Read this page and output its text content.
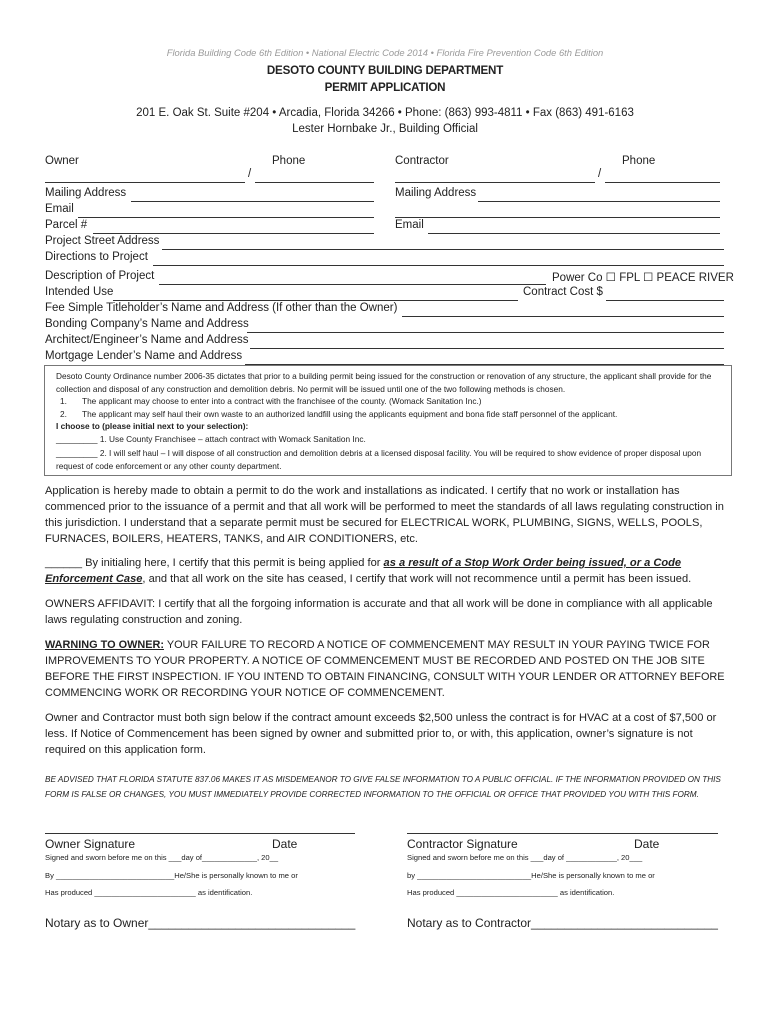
Florida Building Code 6th Edition • National Electric Code 2014 • Florida Fire Prevention Code 6th Edition
DESOTO COUNTY BUILDING DEPARTMENT
PERMIT APPLICATION
201 E. Oak St. Suite #204 • Arcadia, Florida 34266 • Phone: (863) 993-4811 • Fax (863) 491-6163
Lester Hornbake Jr., Building Official
Owner	Phone	Contractor	Phone
/	/
Mailing Address	Mailing Address
Email
Parcel #	Email
Project Street Address
Directions to Project
Description of Project	Power Co ☐ FPL ☐ PEACE RIVER
Intended Use	Contract Cost $
Fee Simple Titleholder’s Name and Address (If other than the Owner)
Bonding Company’s Name and Address
Architect/Engineer’s Name and Address
Mortgage Lender’s Name and Address
Desoto County Ordinance number 2006-35 dictates that prior to a building permit being issued for the construction or renovation of any structure, the applicant shall provide for the collection and disposal of any construction and demolition debris. No permit will be issued until one of the two following methods is chosen.
1. The applicant may choose to enter into a contract with the franchisee of the county. (Womack Sanitation Inc.)
2. The applicant may self haul their own waste to an authorized landfill using the applicants equipment and bona fide staff personnel of the applicant.
I choose to (please initial next to your selection):
_________ 1. Use County Franchisee – attach contract with Womack Sanitation Inc.
_________ 2. I will self haul – I will dispose of all construction and demolition debris at a licensed disposal facility. You will be required to show evidence of proper disposal upon request of code enforcement or any other county department.
Application is hereby made to obtain a permit to do the work and installations as indicated. I certify that no work or installation has commenced prior to the issuance of a permit and that all work will be performed to meet the standards of all laws regulating construction in this jurisdiction. I understand that a separate permit must be secured for ELECTRICAL WORK, PLUMBING, SIGNS, WELLS, POOLS, FURNACES, BOILERS, HEATERS, TANKS, and AIR CONDITIONERS, etc.
______ By initialing here, I certify that this permit is being applied for as a result of a Stop Work Order being issued, or a Code Enforcement Case, and that all work on the site has ceased, I certify that work will not recommence until a permit has been issued.
OWNERS AFFIDAVIT: I certify that all the forgoing information is accurate and that all work will be done in compliance with all applicable laws regulating construction and zoning.
WARNING TO OWNER: YOUR FAILURE TO RECORD A NOTICE OF COMMENCEMENT MAY RESULT IN YOUR PAYING TWICE FOR IMPROVEMENTS TO YOUR PROPERTY. A NOTICE OF COMMENCEMENT MUST BE RECORDED AND POSTED ON THE JOB SITE BEFORE THE FIRST INSPECTION. IF YOU INTEND TO OBTAIN FINANCING, CONSULT WITH YOUR LENDER OR ATTORNEY BEFORE COMMENCING WORK OR RECORDING YOUR NOTICE OF COMMENCEMENT.
Owner and Contractor must both sign below if the contract amount exceeds $2,500 unless the contract is for HVAC at a cost of $7,500 or less. If Notice of Commencement has been signed by owner and submitted prior to, or with, this application, owner’s signature is not required on this application form.
BE ADVISED THAT FLORIDA STATUTE 837.06 MAKES IT AS MISDEMEANOR TO GIVE FALSE INFORMATION TO A PUBLIC OFFICIAL. IF THE INFORMATION PROVIDED ON THIS FORM IS FALSE OR CHANGES, YOU MUST IMMEDIATELY PROVIDE CORRECTED INFORMATION TO THE OFFICIAL OR OFFICE THAT PROVIDED YOU WITH THIS FORM.
Owner Signature	Date	Contractor Signature	Date
Signed and sworn before me on this ___day of_____________, 20__	Signed and sworn before me on this ___day of ____________, 20___
By ____________________________He/She is personally known to me or	by ___________________________He/She is personally known to me or
Has produced ________________________ as identification.	Has produced ________________________ as identification.
Notary as to Owner_______________________________	Notary as to Contractor____________________________
